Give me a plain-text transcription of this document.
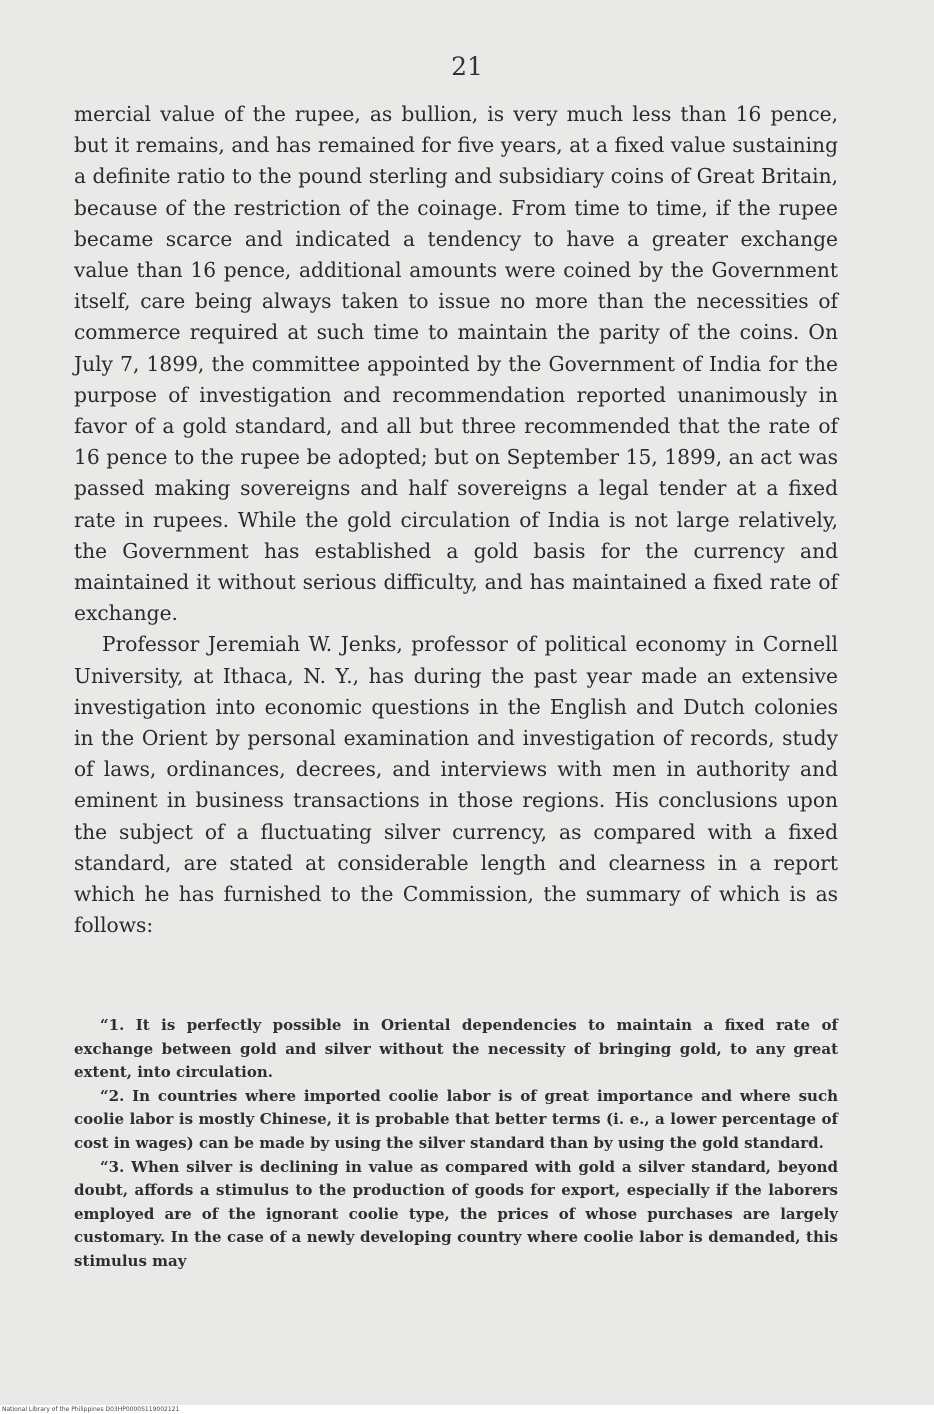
21

mercial value of the rupee, as bullion, is very much less than 16 pence, but it remains, and has remained for five years, at a fixed value sustaining a definite ratio to the pound sterling and subsidiary coins of Great Britain, because of the restriction of the coinage. From time to time, if the rupee became scarce and indicated a tendency to have a greater exchange value than 16 pence, additional amounts were coined by the Government itself, care being always taken to issue no more than the necessities of commerce required at such time to maintain the parity of the coins. On July 7, 1899, the committee appointed by the Government of India for the purpose of investigation and recommendation reported unanimously in favor of a gold standard, and all but three recommended that the rate of 16 pence to the rupee be adopted; but on September 15, 1899, an act was passed making sovereigns and half sovereigns a legal tender at a fixed rate in rupees. While the gold circulation of India is not large relatively, the Government has established a gold basis for the currency and maintained it without serious difficulty, and has maintained a fixed rate of exchange.

Professor Jeremiah W. Jenks, professor of political economy in Cornell University, at Ithaca, N. Y., has during the past year made an extensive investigation into economic questions in the English and Dutch colonies in the Orient by personal examination and investigation of records, study of laws, ordinances, decrees, and interviews with men in authority and eminent in business transactions in those regions. His conclusions upon the subject of a fluctuating silver currency, as compared with a fixed standard, are stated at considerable length and clearness in a report which he has furnished to the Commission, the summary of which is as follows:

“1. It is perfectly possible in Oriental dependencies to maintain a fixed rate of exchange between gold and silver without the necessity of bringing gold, to any great extent, into circulation.

“2. In countries where imported coolie labor is of great importance and where such coolie labor is mostly Chinese, it is probable that better terms (i. e., a lower percentage of cost in wages) can be made by using the silver standard than by using the gold standard.

“3. When silver is declining in value as compared with gold a silver standard, beyond doubt, affords a stimulus to the production of goods for export, especially if the laborers employed are of the ignorant coolie type, the prices of whose purchases are largely customary. In the case of a newly developing country where coolie labor is demanded, this stimulus may

National Library of the Philippines D03HP0000S119002121
